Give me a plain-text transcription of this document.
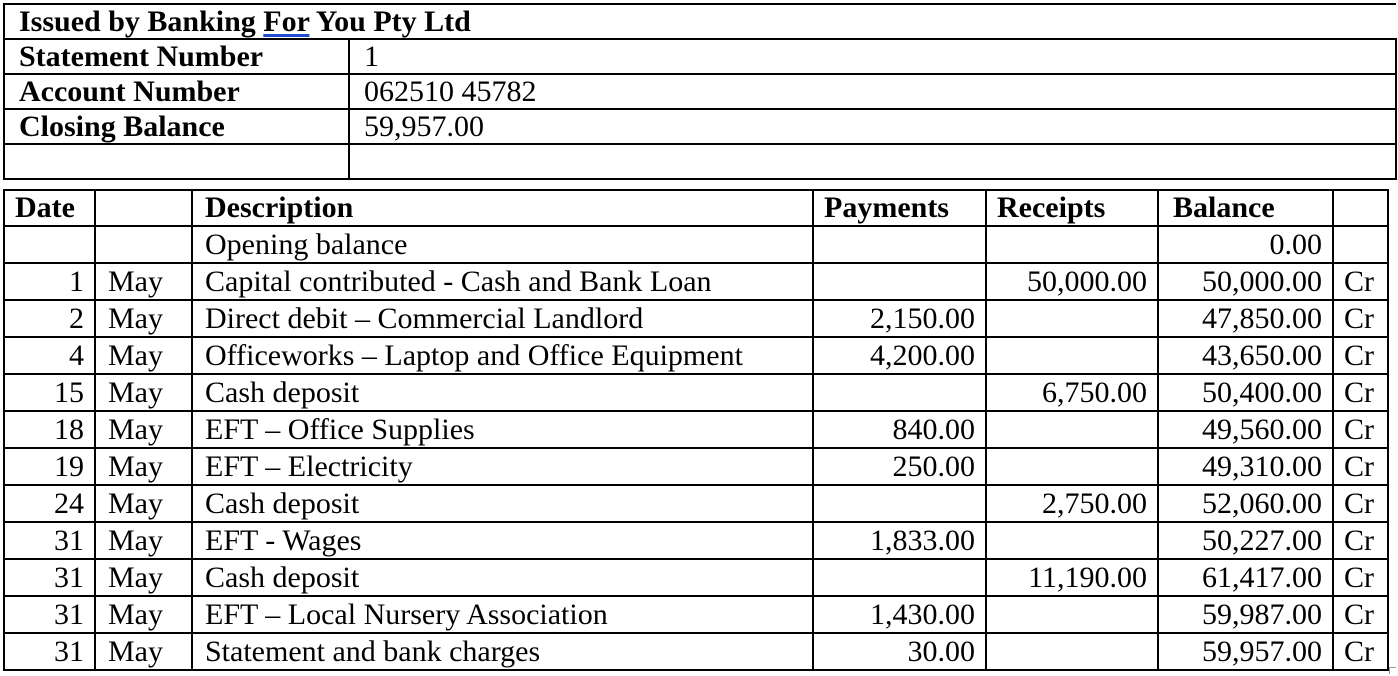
Issued by Banking For You Pty Ltd	
Statement Number	1
Account Number	062510 45782
Closing Balance	59,957.00

Date		Description	Payments	Receipts	Balance	
		Opening balance			0.00	
1	May	Capital contributed - Cash and Bank Loan		50,000.00	50,000.00	Cr
2	May	Direct debit – Commercial Landlord	2,150.00		47,850.00	Cr
4	May	Officeworks – Laptop and Office Equipment	4,200.00		43,650.00	Cr
15	May	Cash deposit		6,750.00	50,400.00	Cr
18	May	EFT – Office Supplies	840.00		49,560.00	Cr
19	May	EFT – Electricity	250.00		49,310.00	Cr
24	May	Cash deposit		2,750.00	52,060.00	Cr
31	May	EFT - Wages	1,833.00		50,227.00	Cr
31	May	Cash deposit		11,190.00	61,417.00	Cr
31	May	EFT – Local Nursery Association	1,430.00		59,987.00	Cr
31	May	Statement and bank charges	30.00		59,957.00	Cr
